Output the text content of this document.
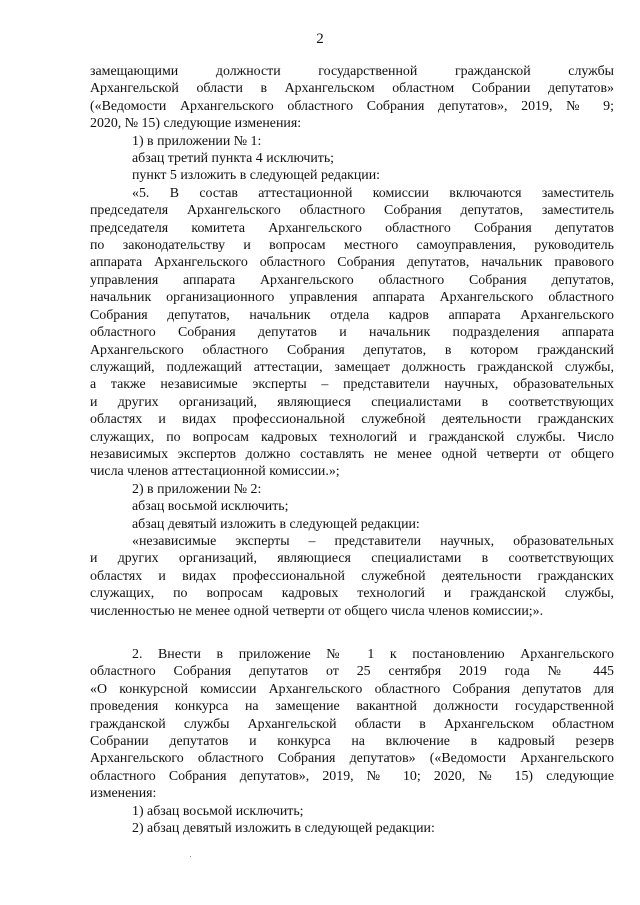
2
замещающими должности государственной гражданской службы
Архангельской области в Архангельском областном Собрании депутатов»
(«Ведомости Архангельского областного Собрания депутатов», 2019, № 9;
2020, № 15) следующие изменения:
1) в приложении № 1:
абзац третий пункта 4 исключить;
пункт 5 изложить в следующей редакции:
«5. В состав аттестационной комиссии включаются заместитель
председателя Архангельского областного Собрания депутатов, заместитель
председателя комитета Архангельского областного Собрания депутатов
по законодательству и вопросам местного самоуправления, руководитель
аппарата Архангельского областного Собрания депутатов, начальник правового
управления аппарата Архангельского областного Собрания депутатов,
начальник организационного управления аппарата Архангельского областного
Собрания депутатов, начальник отдела кадров аппарата Архангельского
областного Собрания депутатов и начальник подразделения аппарата
Архангельского областного Собрания депутатов, в котором гражданский
служащий, подлежащий аттестации, замещает должность гражданской службы,
а также независимые эксперты – представители научных, образовательных
и других организаций, являющиеся специалистами в соответствующих
областях и видах профессиональной служебной деятельности гражданских
служащих, по вопросам кадровых технологий и гражданской службы. Число
независимых экспертов должно составлять не менее одной четверти от общего
числа членов аттестационной комиссии.»;
2) в приложении № 2:
абзац восьмой исключить;
абзац девятый изложить в следующей редакции:
«независимые эксперты – представители научных, образовательных
и других организаций, являющиеся специалистами в соответствующих
областях и видах профессиональной служебной деятельности гражданских
служащих, по вопросам кадровых технологий и гражданской службы,
численностью не менее одной четверти от общего числа членов комиссии;».
2. Внести в приложение № 1 к постановлению Архангельского
областного Собрания депутатов от 25 сентября 2019 года № 445
«О конкурсной комиссии Архангельского областного Собрания депутатов для
проведения конкурса на замещение вакантной должности государственной
гражданской службы Архангельской области в Архангельском областном
Собрании депутатов и конкурса на включение в кадровый резерв
Архангельского областного Собрания депутатов» («Ведомости Архангельского
областного Собрания депутатов», 2019, № 10; 2020, № 15) следующие
изменения:
1) абзац восьмой исключить;
2) абзац девятый изложить в следующей редакции:
